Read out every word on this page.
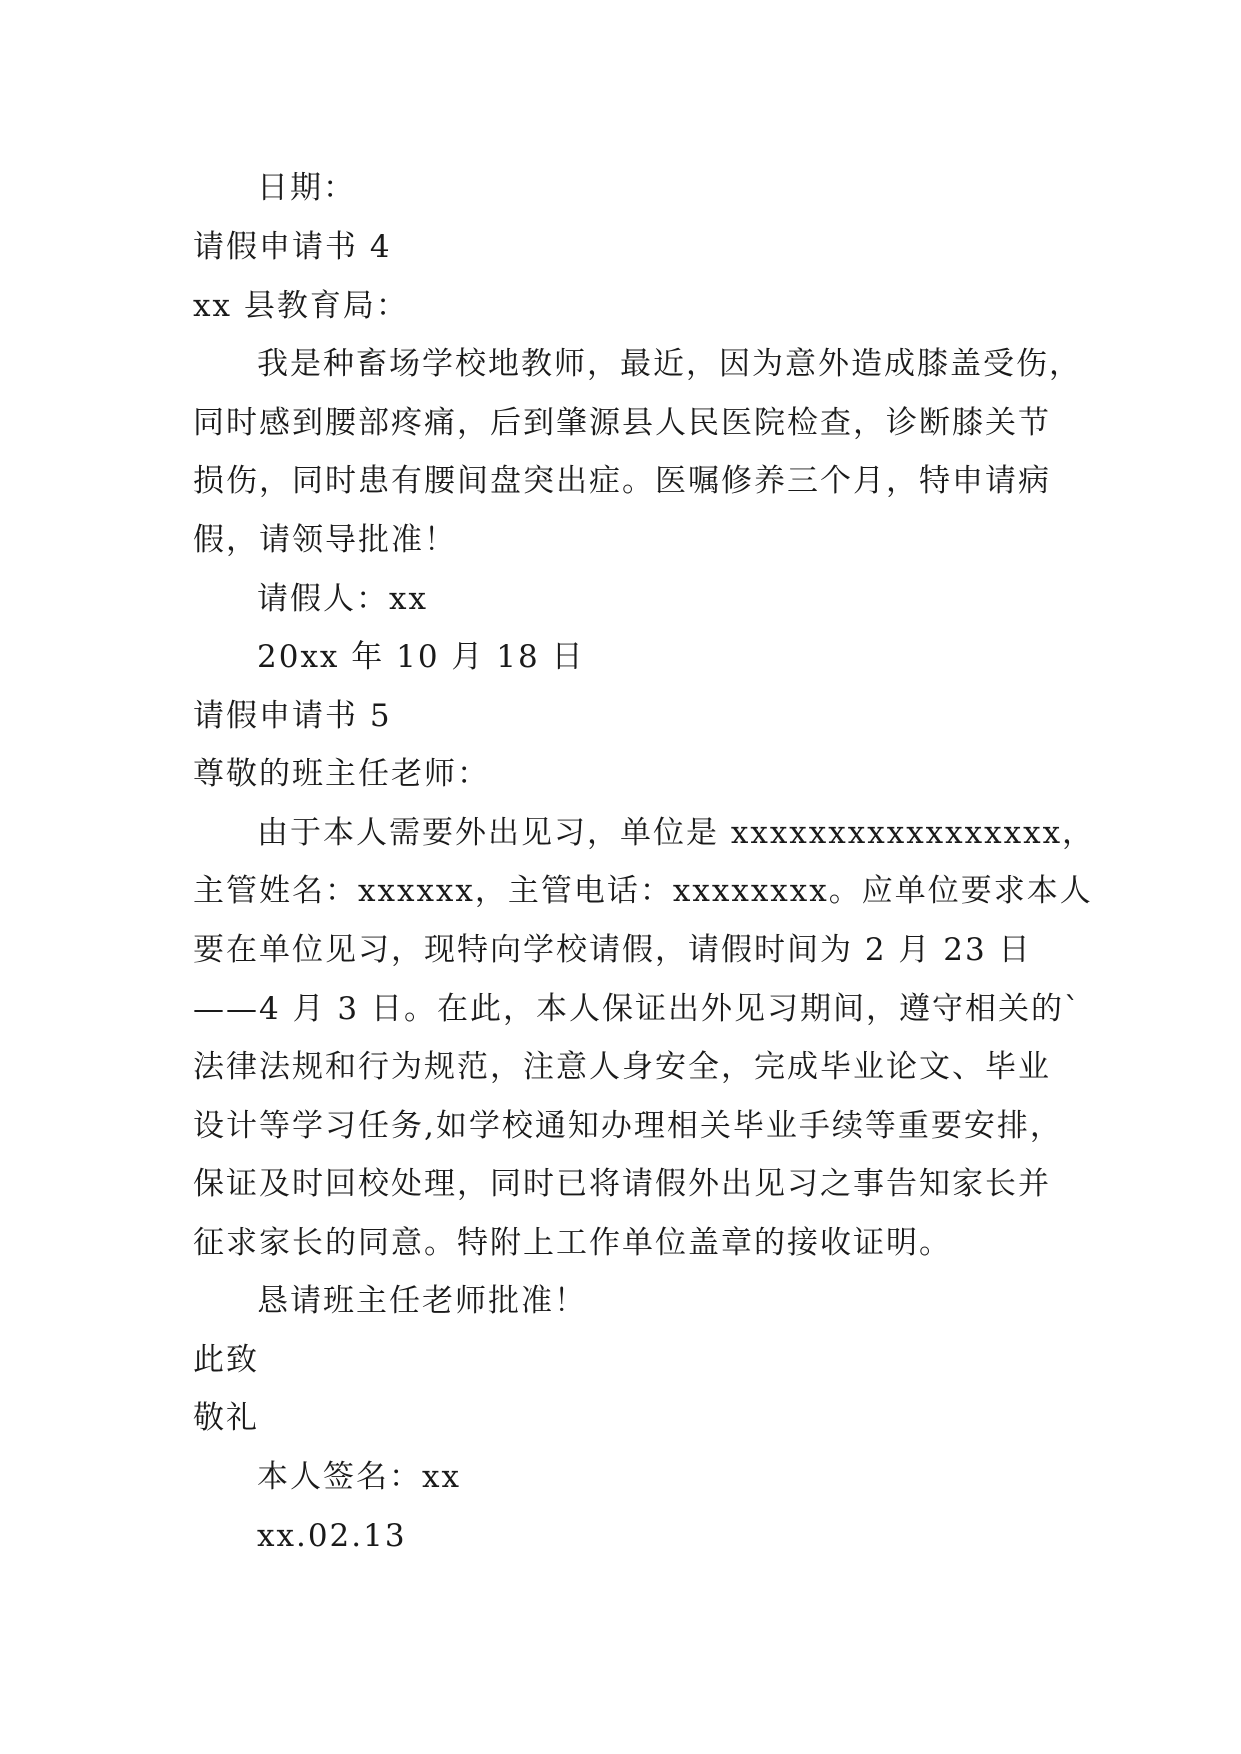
日期：
请假申请书 4
xx 县教育局：
我是种畜场学校地教师，最近，因为意外造成膝盖受伤，
同时感到腰部疼痛，后到肇源县人民医院检查，诊断膝关节
损伤，同时患有腰间盘突出症。医嘱修养三个月，特申请病
假，请领导批准！
请假人：xx
20xx 年 10 月 18 日
请假申请书 5
尊敬的班主任老师：
由于本人需要外出见习，单位是 xxxxxxxxxxxxxxxxx，
主管姓名：xxxxxx，主管电话：xxxxxxxx。应单位要求本人
要在单位见习，现特向学校请假，请假时间为 2 月 23 日
——4 月 3 日。在此，本人保证出外见习期间，遵守相关的`
法律法规和行为规范，注意人身安全，完成毕业论文、毕业
设计等学习任务,如学校通知办理相关毕业手续等重要安排，
保证及时回校处理，同时已将请假外出见习之事告知家长并
征求家长的同意。特附上工作单位盖章的接收证明。
恳请班主任老师批准！
此致
敬礼
本人签名：xx
xx.02.13
